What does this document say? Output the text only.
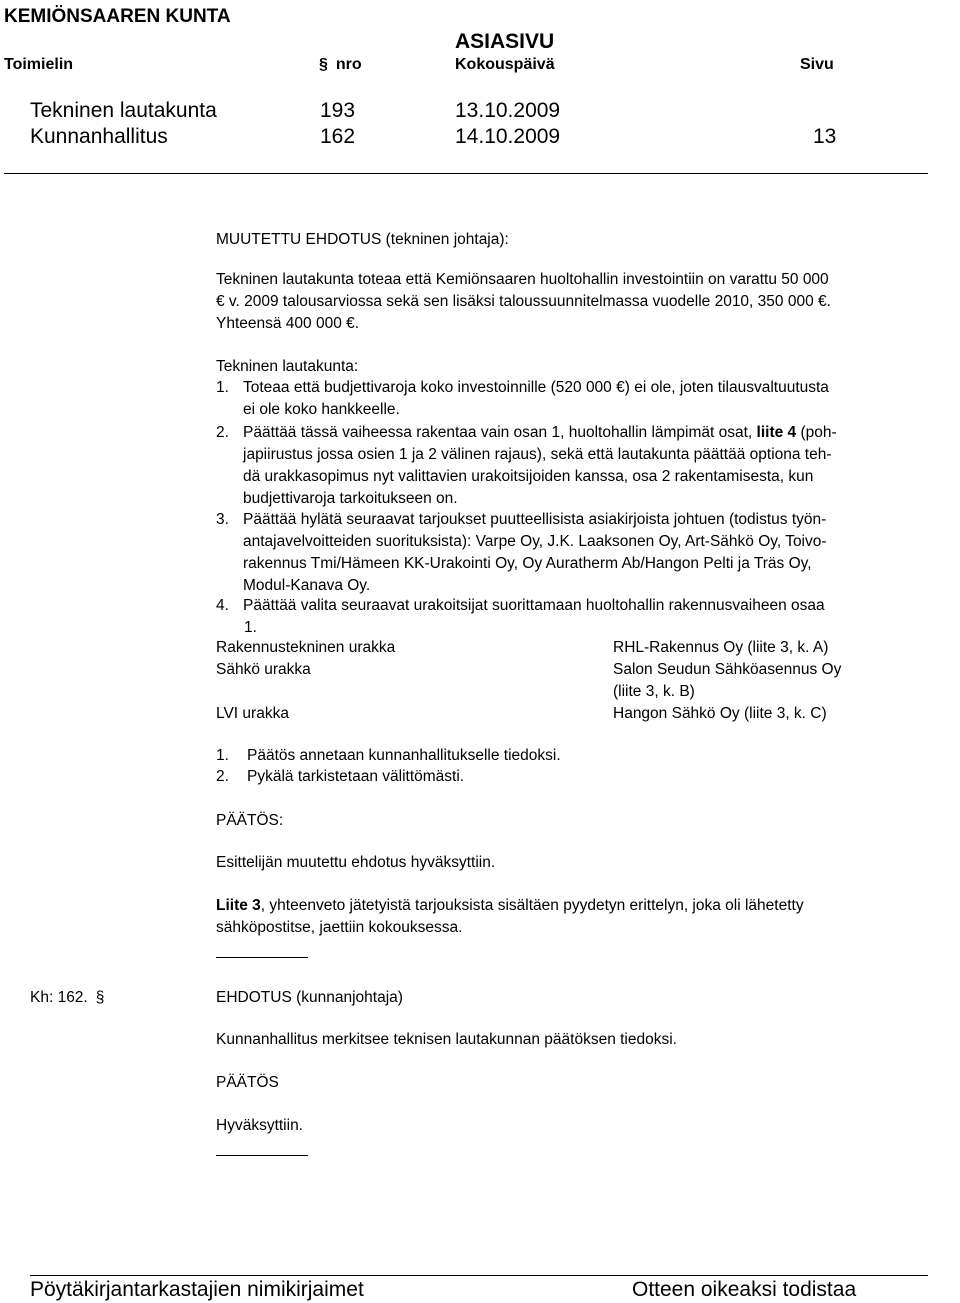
KEMIÖNSAAREN KUNTA
ASIASIVU
Toimielin	§ nro	Kokouspäivä	Sivu
Tekninen lautakunta	193	13.10.2009
Kunnanhallitus	162	14.10.2009	13
MUUTETTU EHDOTUS (tekninen johtaja):
Tekninen lautakunta toteaa että Kemiönsaaren huoltohallin investointiin on varattu 50 000
€ v. 2009 talousarviossa sekä sen lisäksi taloussuunnitelmassa vuodelle 2010, 350 000 €.
Yhteensä 400 000 €.
Tekninen lautakunta:
1. Toteaa että budjettivaroja koko investoinnille (520 000 €) ei ole, joten tilausvaltuutusta
ei ole koko hankkeelle.
2. Päättää tässä vaiheessa rakentaa vain osan 1, huoltohallin lämpimät osat, liite 4 (poh-
japiirustus jossa osien 1 ja 2 välinen rajaus), sekä että lautakunta päättää optiona teh-
dä urakkasopimus nyt valittavien urakoitsijoiden kanssa, osa 2 rakentamisesta, kun
budjettivaroja tarkoitukseen on.
3. Päättää hylätä seuraavat tarjoukset puutteellisista asiakirjoista johtuen (todistus työn-
antajavelvoitteiden suorituksista): Varpe Oy, J.K. Laaksonen Oy, Art-Sähkö Oy, Toivo-
rakennus Tmi/Hämeen KK-Urakointi Oy, Oy Auratherm Ab/Hangon Pelti ja Träs Oy,
Modul-Kanava Oy.
4. Päättää valita seuraavat urakoitsijat suorittamaan huoltohallin rakennusvaiheen osaa
1.
Rakennustekninen urakka	RHL-Rakennus Oy (liite 3, k. A)
Sähkö urakka	Salon Seudun Sähköasennus Oy
(liite 3, k. B)
LVI urakka	Hangon Sähkö Oy (liite 3, k. C)
1. Päätös annetaan kunnanhallitukselle tiedoksi.
2. Pykälä tarkistetaan välittömästi.
PÄÄTÖS:
Esittelijän muutettu ehdotus hyväksyttiin.
Liite 3, yhteenveto jätetyistä tarjouksista sisältäen pyydetyn erittelyn, joka oli lähetetty
sähköpostitse, jaettiin kokouksessa.
Kh: 162. §	EHDOTUS (kunnanjohtaja)
Kunnanhallitus merkitsee teknisen lautakunnan päätöksen tiedoksi.
PÄÄTÖS
Hyväksyttiin.
Pöytäkirjantarkastajien nimikirjaimet	Otteen oikeaksi todistaa
